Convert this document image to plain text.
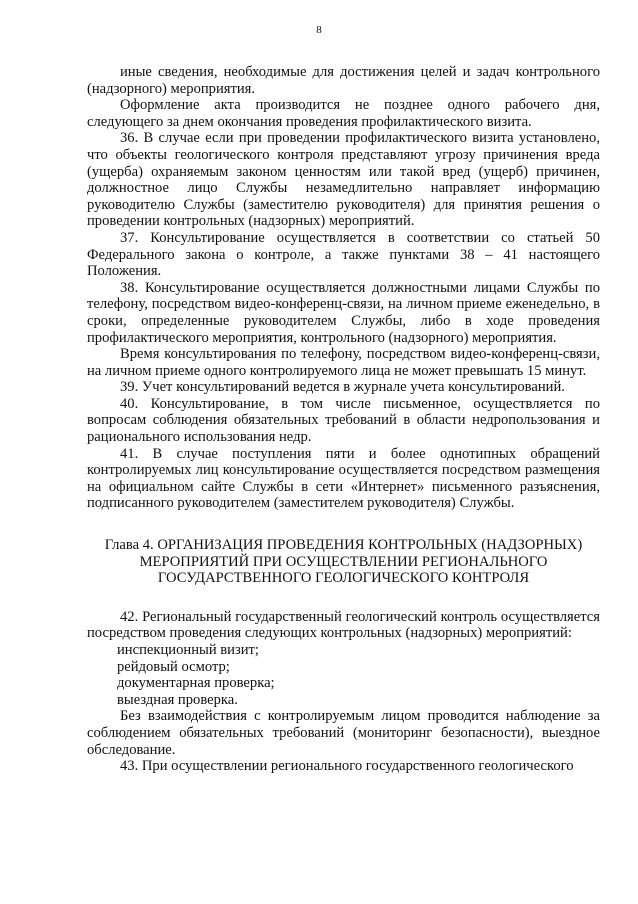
8

иные сведения, необходимые для достижения целей и задач контрольного (надзорного) мероприятия.

Оформление акта производится не позднее одного рабочего дня, следующего за днем окончания проведения профилактического визита.

36. В случае если при проведении профилактического визита установлено, что объекты геологического контроля представляют угрозу причинения вреда (ущерба) охраняемым законом ценностям или такой вред (ущерб) причинен, должностное лицо Службы незамедлительно направляет информацию руководителю Службы (заместителю руководителя) для принятия решения о проведении контрольных (надзорных) мероприятий.

37. Консультирование осуществляется в соответствии со статьей 50 Федерального закона о контроле, а также пунктами 38 – 41 настоящего Положения.

38. Консультирование осуществляется должностными лицами Службы по телефону, посредством видео-конференц-связи, на личном приеме еженедельно, в сроки, определенные руководителем Службы, либо в ходе проведения профилактического мероприятия, контрольного (надзорного) мероприятия.

Время консультирования по телефону, посредством видео-конференц-связи, на личном приеме одного контролируемого лица не может превышать 15 минут.

39. Учет консультирований ведется в журнале учета консультирований.

40. Консультирование, в том числе письменное, осуществляется по вопросам соблюдения обязательных требований в области недропользования и рационального использования недр.

41. В случае поступления пяти и более однотипных обращений контролируемых лиц консультирование осуществляется посредством размещения на официальном сайте Службы в сети «Интернет» письменного разъяснения, подписанного руководителем (заместителем руководителя) Службы.

Глава 4. ОРГАНИЗАЦИЯ ПРОВЕДЕНИЯ КОНТРОЛЬНЫХ (НАДЗОРНЫХ)
МЕРОПРИЯТИЙ ПРИ ОСУЩЕСТВЛЕНИИ РЕГИОНАЛЬНОГО
ГОСУДАРСТВЕННОГО ГЕОЛОГИЧЕСКОГО КОНТРОЛЯ

42. Региональный государственный геологический контроль осуществляется посредством проведения следующих контрольных (надзорных) мероприятий:

инспекционный визит;

рейдовый осмотр;

документарная проверка;

выездная проверка.

Без взаимодействия с контролируемым лицом проводится наблюдение за соблюдением обязательных требований (мониторинг безопасности), выездное обследование.

43. При осуществлении регионального государственного геологического
